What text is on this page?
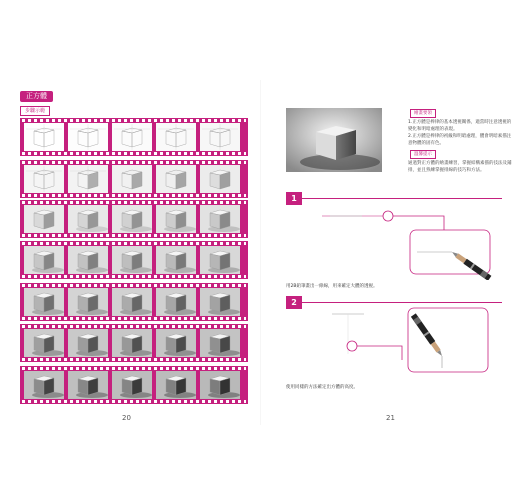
正方體
步驟示範
20
繪畫要領
1.正方體是棒律的基本透視關係，適當時注意透視的變化和明暗處理的表現。
2.正方體是棒律的初級和明暗處理，體會明暗素描注意物體的固有色。
溫馨提示
通過對正方體的繪畫練習，掌握結構素描的技法及鋪排，並且熟練掌握排線的技巧和方法。
1
用2B鉛筆畫出一條線，用來確定大體的透視。
2
使用同樣的方法確定出方體的高度。
21
